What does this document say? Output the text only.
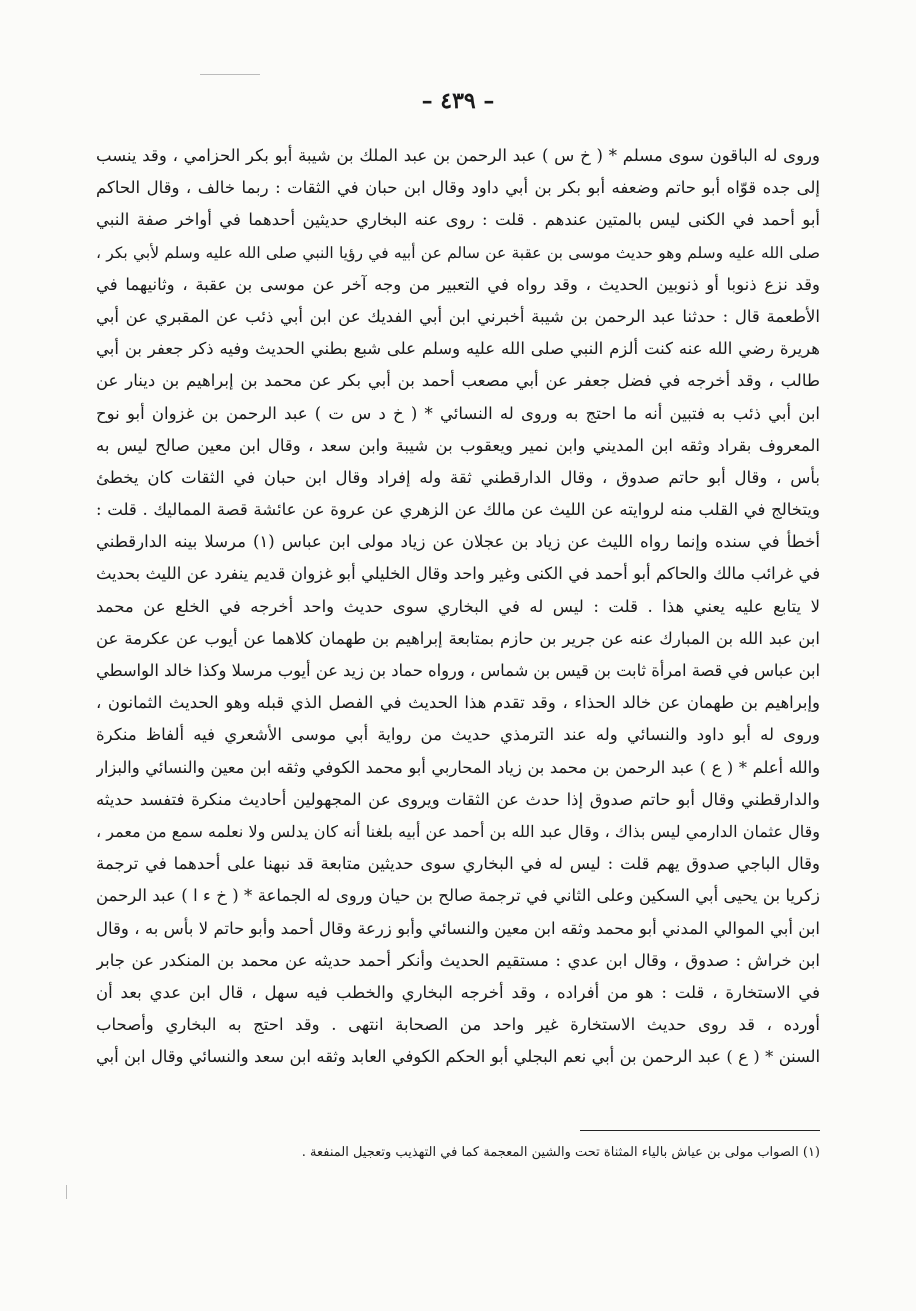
– ٤٣٩ –
وروى له الباقون سوى مسلم * ( خ س ) عبد الرحمن بن عبد الملك بن شيبة أبو بكر الحزامي ، وقد ينسب
إلى جده قوّاه أبو حاتم وضعفه أبو بكر بن أبي داود وقال ابن حبان في الثقات : ربما خالف ، وقال الحاكم
أبو أحمد في الكنى ليس بالمتين عندهم . قلت : روى عنه البخاري حديثين أحدهما في أواخر صفة النبي
صلى الله عليه وسلم وهو حديث موسى بن عقبة عن سالم عن أبيه في رؤيا النبي صلى الله عليه وسلم لأبي بكر ،
وقد نزع ذنوبا أو ذنوبين الحديث ، وقد رواه في التعبير من وجه آخر عن موسى بن عقبة ، وثانيهما في
الأطعمة قال : حدثنا عبد الرحمن بن شيبة أخبرني ابن أبي الفديك عن ابن أبي ذئب عن المقبري عن أبي
هريرة رضي الله عنه كنت ألزم النبي صلى الله عليه وسلم على شبع بطني الحديث وفيه ذكر جعفر بن أبي
طالب ، وقد أخرجه في فضل جعفر عن أبي مصعب أحمد بن أبي بكر عن محمد بن إبراهيم بن دينار عن
ابن أبي ذئب به فتبين أنه ما احتج به وروى له النسائي * ( خ د س ت ) عبد الرحمن بن غزوان أبو نوح
المعروف بقراد وثقه ابن المديني وابن نمير ويعقوب بن شيبة وابن سعد ، وقال ابن معين صالح ليس به
بأس ، وقال أبو حاتم صدوق ، وقال الدارقطني ثقة وله إفراد وقال ابن حبان في الثقات كان يخطئ
ويتخالج في القلب منه لروايته عن الليث عن مالك عن الزهري عن عروة عن عائشة قصة المماليك . قلت :
أخطأ في سنده وإنما رواه الليث عن زياد بن عجلان عن زياد مولى ابن عباس (١) مرسلا بينه الدارقطني
في غرائب مالك والحاكم أبو أحمد في الكنى وغير واحد وقال الخليلي أبو غزوان قديم ينفرد عن الليث بحديث
لا يتابع عليه يعني هذا . قلت : ليس له في البخاري سوى حديث واحد أخرجه في الخلع عن محمد
ابن عبد الله بن المبارك عنه عن جرير بن حازم بمتابعة إبراهيم بن طهمان كلاهما عن أيوب عن عكرمة عن
ابن عباس في قصة امرأة ثابت بن قيس بن شماس ، ورواه حماد بن زيد عن أيوب مرسلا وكذا خالد الواسطي
وإبراهيم بن طهمان عن خالد الحذاء ، وقد تقدم هذا الحديث في الفصل الذي قبله وهو الحديث الثمانون ،
وروى له أبو داود والنسائي وله عند الترمذي حديث من رواية أبي موسى الأشعري فيه ألفاظ منكرة
والله أعلم * ( ع ) عبد الرحمن بن محمد بن زياد المحاربي أبو محمد الكوفي وثقه ابن معين والنسائي والبزار
والدارقطني وقال أبو حاتم صدوق إذا حدث عن الثقات ويروى عن المجهولين أحاديث منكرة فتفسد حديثه
وقال عثمان الدارمي ليس بذاك ، وقال عبد الله بن أحمد عن أبيه بلغنا أنه كان يدلس ولا نعلمه سمع من معمر ،
وقال الباجي صدوق يهم قلت : ليس له في البخاري سوى حديثين متابعة قد نبهنا على أحدهما في ترجمة
زكريا بن يحيى أبي السكين وعلى الثاني في ترجمة صالح بن حيان وروى له الجماعة * ( خ ء ا ) عبد الرحمن
ابن أبي الموالي المدني أبو محمد وثقه ابن معين والنسائي وأبو زرعة وقال أحمد وأبو حاتم لا بأس به ، وقال
ابن خراش : صدوق ، وقال ابن عدي : مستقيم الحديث وأنكر أحمد حديثه عن محمد بن المنكدر عن جابر
في الاستخارة ، قلت : هو من أفراده ، وقد أخرجه البخاري والخطب فيه سهل ، قال ابن عدي بعد أن
أورده ، قد روى حديث الاستخارة غير واحد من الصحابة انتهى . وقد احتج به البخاري وأصحاب
السنن * ( ع ) عبد الرحمن بن أبي نعم البجلي أبو الحكم الكوفي العابد وثقه ابن سعد والنسائي وقال ابن أبي
(١) الصواب مولى بن عياش بالياء المثناة تحت والشين المعجمة كما في التهذيب وتعجيل المنفعة .
